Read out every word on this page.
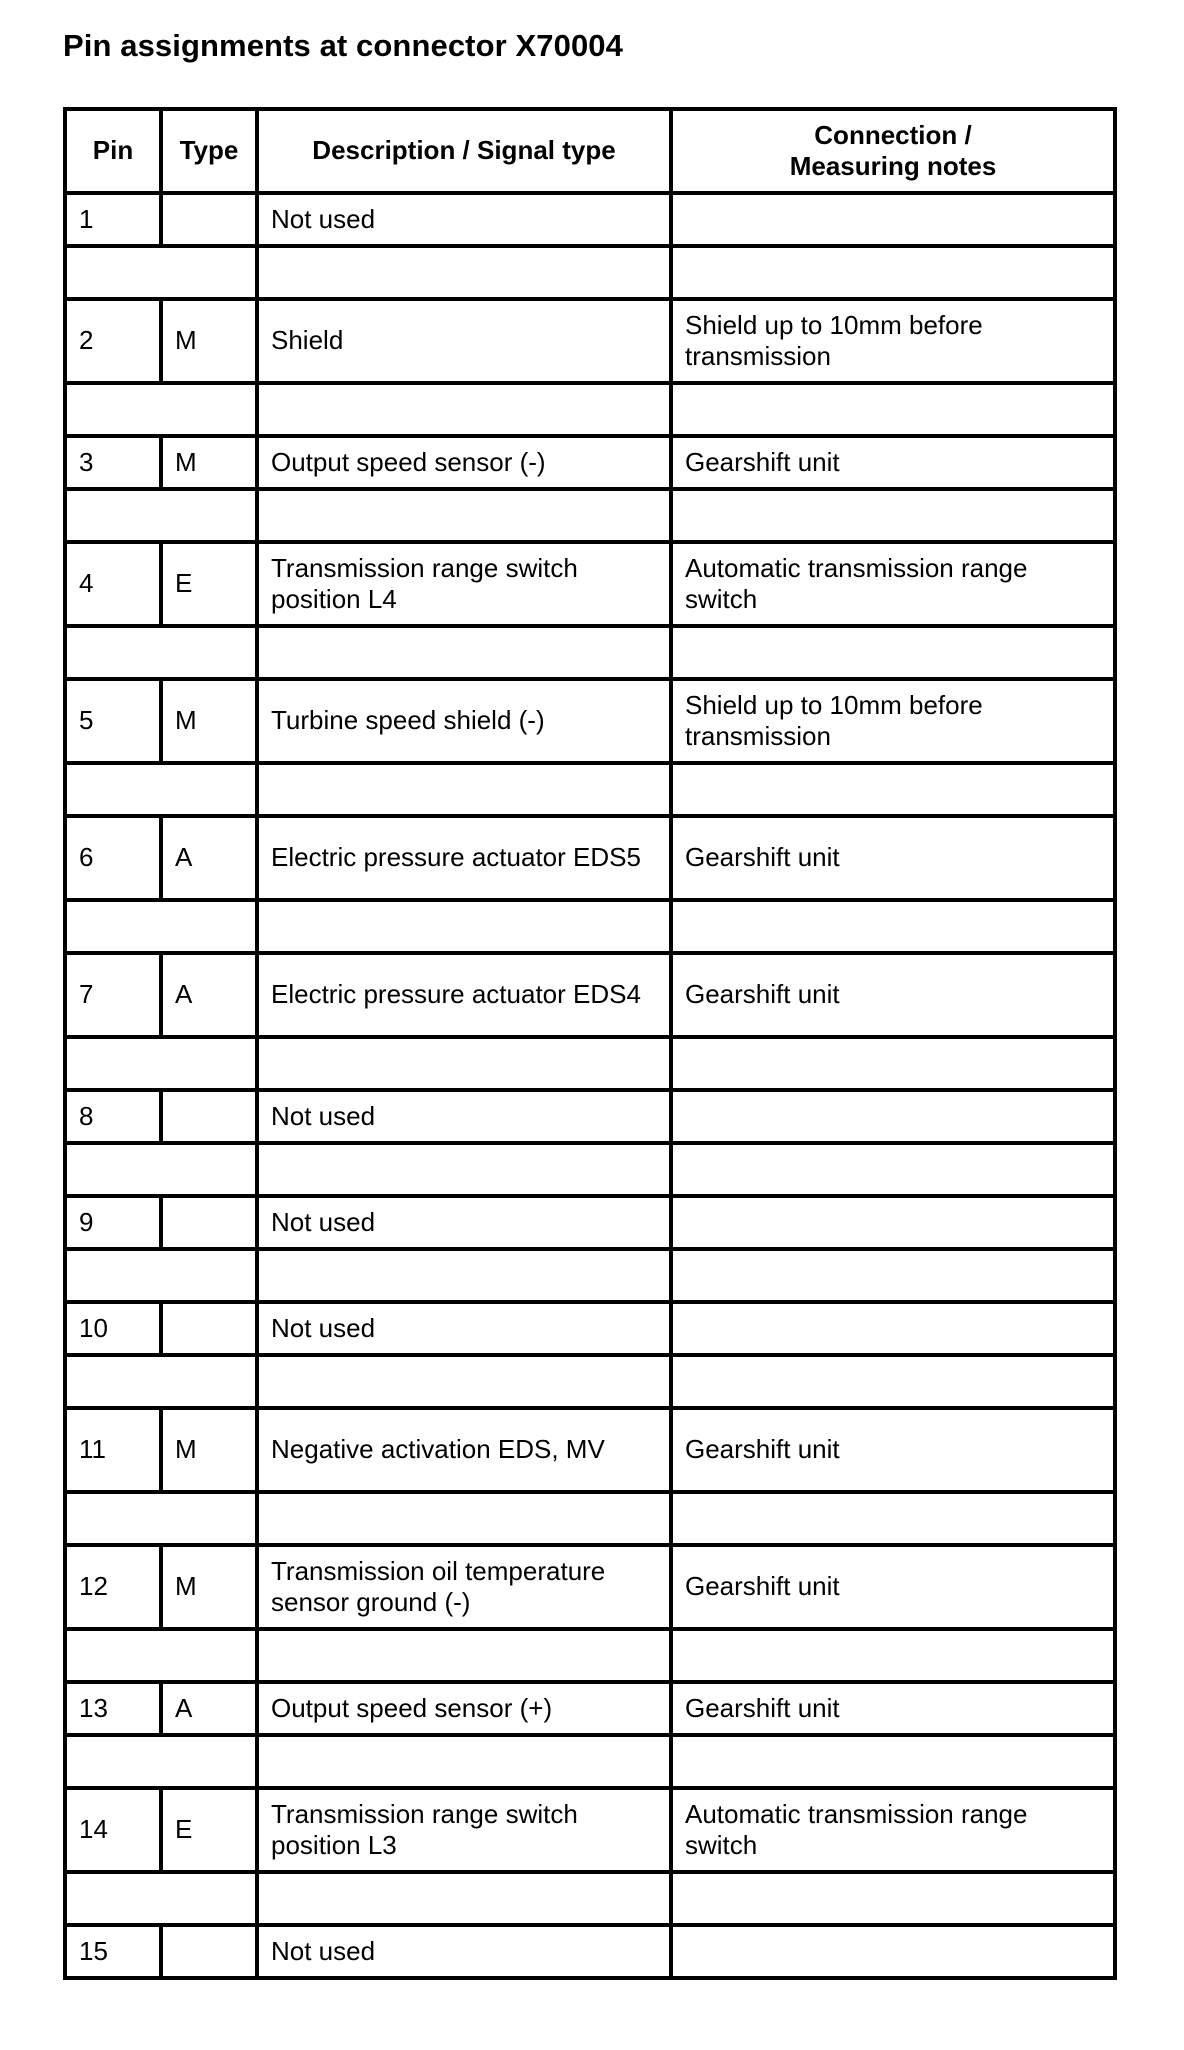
Pin assignments at connector X70004
Pin	Type	Description / Signal type	Connection /
Measuring notes
1		Not used	

2	M	Shield	Shield up to 10mm before transmission

3	M	Output speed sensor (-)	Gearshift unit

4	E	Transmission range switch position L4	Automatic transmission range switch

5	M	Turbine speed shield (-)	Shield up to 10mm before transmission

6	A	Electric pressure actuator EDS5	Gearshift unit

7	A	Electric pressure actuator EDS4	Gearshift unit

8		Not used	

9		Not used	

10		Not used	

11	M	Negative activation EDS, MV	Gearshift unit

12	M	Transmission oil temperature sensor ground (-)	Gearshift unit

13	A	Output speed sensor (+)	Gearshift unit

14	E	Transmission range switch position L3	Automatic transmission range switch

15		Not used	
